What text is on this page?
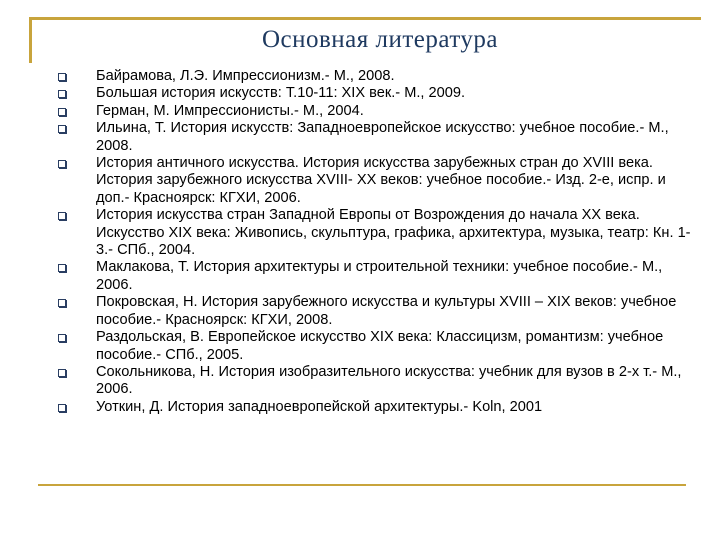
Основная литература
Байрамова, Л.Э. Импрессионизм.- М., 2008.
Большая история искусств: Т.10-11: XIX век.- М., 2009.
Герман, М. Импрессионисты.- М., 2004.
Ильина, Т. История искусств: Западноевропейское искусство: учебное пособие.- М., 2008.
История античного искусства. История искусства зарубежных стран до XVIII века. История зарубежного искусства XVIII- XX веков: учебное пособие.- Изд. 2-е, испр. и доп.- Красноярск: КГХИ, 2006.
История искусства стран Западной Европы от Возрождения до начала XX века. Искусство XIX века: Живопись, скульптура, графика, архитектура, музыка, театр: Кн. 1-3.- СПб., 2004.
Маклакова, Т. История архитектуры и строительной техники: учебное пособие.- М., 2006.
Покровская, Н. История зарубежного искусства и культуры XVIII – XIX веков: учебное пособие.- Красноярск: КГХИ, 2008.
Раздольская, В. Европейское искусство XIX века: Классицизм, романтизм: учебное пособие.- СПб., 2005.
Сокольникова, Н. История изобразительного искусства: учебник для вузов в 2-х т.- М., 2006.
Уоткин, Д. История западноевропейской архитектуры.- Koln, 2001
